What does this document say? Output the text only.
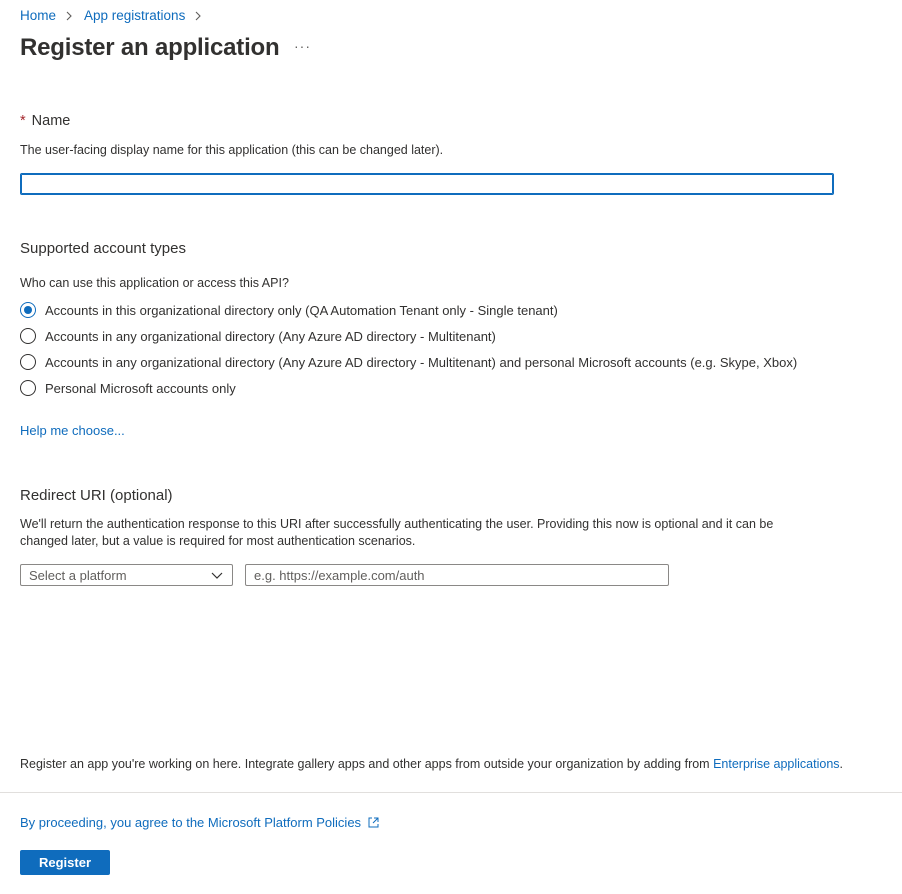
Home App registrations
Register an application ···
* Name
The user-facing display name for this application (this can be changed later).
Supported account types
Who can use this application or access this API?
Accounts in this organizational directory only (QA Automation Tenant only - Single tenant)
Accounts in any organizational directory (Any Azure AD directory - Multitenant)
Accounts in any organizational directory (Any Azure AD directory - Multitenant) and personal Microsoft accounts (e.g. Skype, Xbox)
Personal Microsoft accounts only
Help me choose...
Redirect URI (optional)
We'll return the authentication response to this URI after successfully authenticating the user. Providing this now is optional and it can be changed later, but a value is required for most authentication scenarios.
Select a platform
e.g. https://example.com/auth
Register an app you're working on here. Integrate gallery apps and other apps from outside your organization by adding from Enterprise applications.
By proceeding, you agree to the Microsoft Platform Policies
Register
